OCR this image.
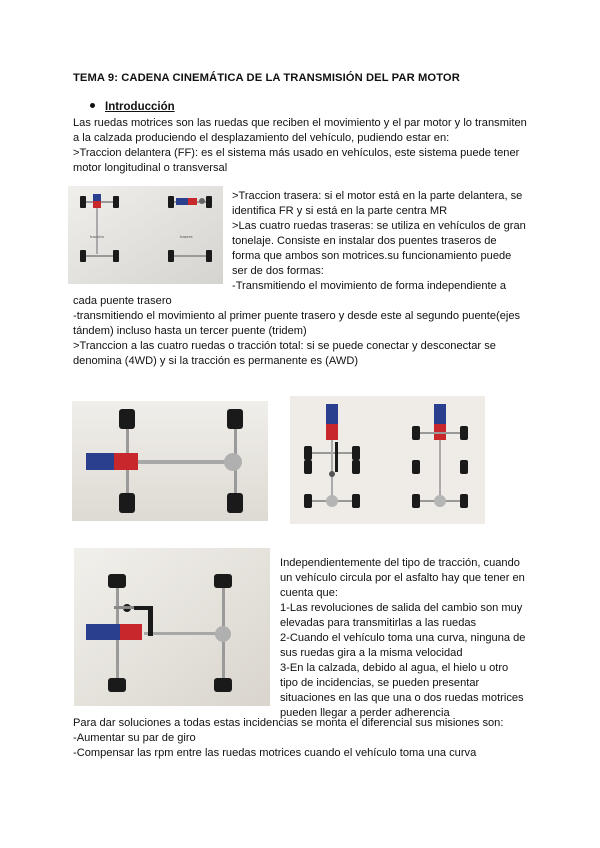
TEMA 9: CADENA CINEMÁTICA DE LA TRANSMISIÓN DEL PAR MOTOR
Introducción
Las ruedas motrices son las ruedas que reciben el movimiento y el par motor y lo transmiten
a la calzada produciendo el desplazamiento del vehículo, pudiendo estar en:
>Traccion delantera (FF): es el sistema más usado en vehículos, este sistema puede tener
motor longitudinal o transversal
tracción	trasera
>Traccion trasera: si el motor está en la parte delantera, se
identifica FR y si está en la parte centra MR
>Las cuatro ruedas traseras: se utiliza en vehículos de gran
tonelaje. Consiste en instalar dos puentes traseros de
forma que ambos son motrices.su funcionamiento puede
ser de dos formas:
-Transmitiendo el movimiento de forma independiente a
cada puente trasero
-transmitiendo el movimiento al primer puente trasero y desde este al segundo puente(ejes
tándem) incluso hasta un tercer puente (tridem)
>Tranccion a las cuatro ruedas o tracción total: si se puede conectar y desconectar se
denomina (4WD) y si la tracción es permanente es (AWD)
Independientemente del tipo de tracción, cuando
un vehículo circula por el asfalto hay que tener en
cuenta que:
1-Las revoluciones de salida del cambio son muy
elevadas para transmitirlas a las ruedas
2-Cuando el vehículo toma una curva, ninguna de
sus ruedas gira a la misma velocidad
3-En la calzada, debido al agua, el hielo u otro
tipo de incidencias, se pueden presentar
situaciones en las que una o dos ruedas motrices
pueden llegar a perder adherencia
Para dar soluciones a todas estas incidencias se monta el diferencial sus misiones son:
-Aumentar su par de giro
-Compensar las rpm entre las ruedas motrices cuando el vehículo toma una curva
